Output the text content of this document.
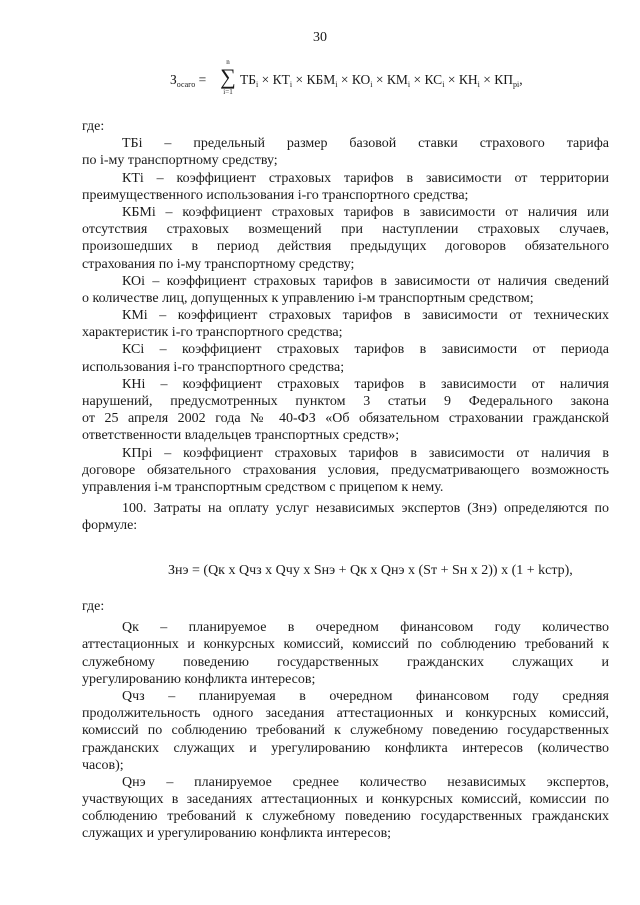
30
$З_{осаго}$ =
n
∑
i=1
$ТБ_i \times КТ_i \times КБМ_i \times КО_i \times КМ_i \times КС_i \times КН_i \times КП_{рi}$,
где:
ТБі – предельный размер базовой ставки страхового тарифа
по i-му транспортному средству;
КТі – коэффициент страховых тарифов в зависимости от территории
преимущественного использования i-го транспортного средства;
КБМі – коэффициент страховых тарифов в зависимости от наличия или
отсутствия страховых возмещений при наступлении страховых случаев,
произошедших в период действия предыдущих договоров обязательного
страхования по i-му транспортному средству;
КОі – коэффициент страховых тарифов в зависимости от наличия сведений
о количестве лиц, допущенных к управлению i-м транспортным средством;
КМі – коэффициент страховых тарифов в зависимости от технических
характеристик i-го транспортного средства;
КСі – коэффициент страховых тарифов в зависимости от периода
использования i-го транспортного средства;
КНі – коэффициент страховых тарифов в зависимости от наличия
нарушений, предусмотренных пунктом 3 статьи 9 Федерального закона
от 25 апреля 2002 года № 40-ФЗ «Об обязательном страховании гражданской
ответственности владельцев транспортных средств»;
КПрі – коэффициент страховых тарифов в зависимости от наличия в
договоре обязательного страхования условия, предусматривающего возможность
управления i-м транспортным средством с прицепом к нему.
100. Затраты на оплату услуг независимых экспертов (Знэ) определяются по
формуле:
Знэ = (Qк x Qчз x Qчу x Sнэ + Qк x Qнэ x (Sт + Sн x 2)) x (1 + kстр),
где:
Qк – планируемое в очередном финансовом году количество
аттестационных и конкурсных комиссий, комиссий по соблюдению требований к
служебному поведению государственных гражданских служащих и
урегулированию конфликта интересов;
Qчз – планируемая в очередном финансовом году средняя
продолжительность одного заседания аттестационных и конкурсных комиссий,
комиссий по соблюдению требований к служебному поведению государственных
гражданских служащих и урегулированию конфликта интересов (количество
часов);
Qнэ – планируемое среднее количество независимых экспертов,
участвующих в заседаниях аттестационных и конкурсных комиссий, комиссии по
соблюдению требований к служебному поведению государственных гражданских
служащих и урегулированию конфликта интересов;
